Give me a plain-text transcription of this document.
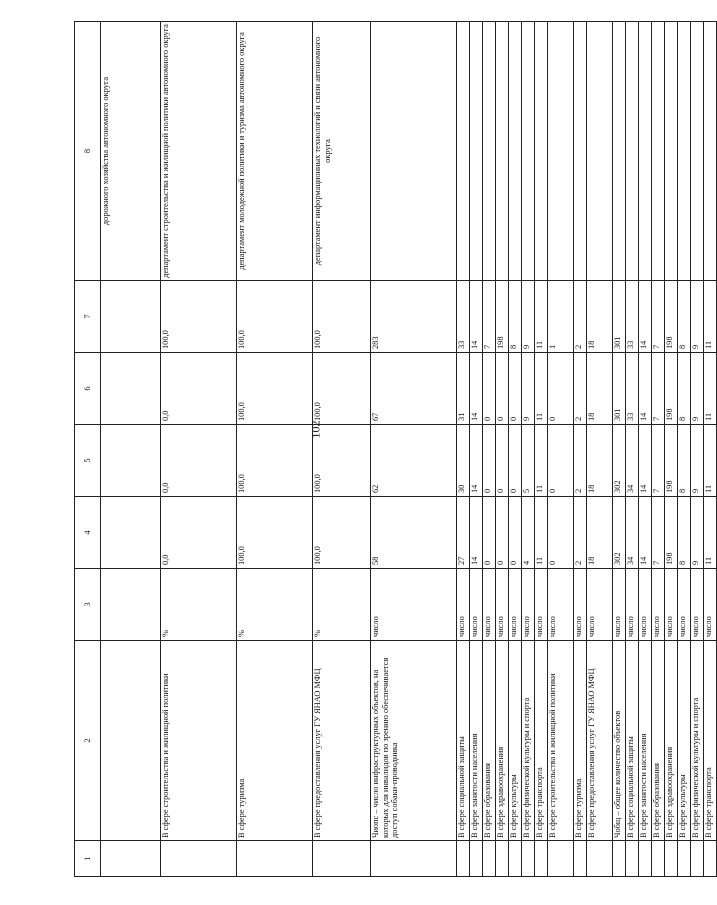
102
1	2	3	4	5	6	7	8
							дорожного хозяйства автономного округа
	В сфере строительства и жилищной политики	%	0,0	0,0	0,0	100,0	департамент строительства и жилищной политики автономного округа
	В сфере туризма	%	100,0	100,0	100,0	100,0	департамент молодежной политики и туризма автономного округа
	В сфере предоставления услуг ГУ ЯНАО МФЦ	%	100,0	100,0	100,0	100,0	департамент информационных технологий и связи автономного округа
	Чиопс – число инфраструктурных объектов, на которых для инвалидов по зрению обеспечивается доступ собаки-проводника	число	58	62	67	283	
	В сфере социальной защиты	число	27	30	31	33	
	В сфере занятости населения	число	14	14	14	14	
	В сфере образования	число	0	0	0	7	
	В сфере здравоохранения	число	0	0	0	198	
	В сфере культуры	число	0	0	0	8	
	В сфере физической культуры и спорта	число	4	5	9	9	
	В сфере транспорта	число	11	11	11	11	
	В сфере строительства и жилищной политики	число	0	0	0	1	
	В сфере туризма	число	2	2	2	2	
	В сфере предоставления услуг ГУ ЯНАО МФЦ	число	18	18	18	18	
	Чобщ – общее количество объектов	число	302	302	301	301	
	В сфере социальной защиты	число	34	34	33	33	
	В сфере занятости населения	число	14	14	14	14	
	В сфере образования	число	7	7	7	7	
	В сфере здравоохранения	число	198	198	198	198	
	В сфере культуры	число	8	8	8	8	
	В сфере физической культуры и спорта	число	9	9	9	9	
	В сфере транспорта	число	11	11	11	11	
